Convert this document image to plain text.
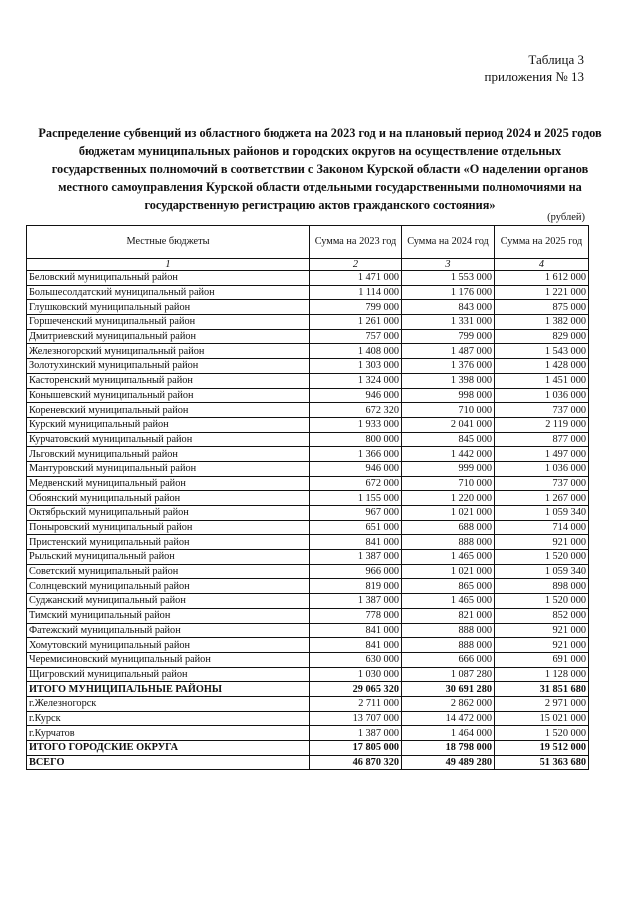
Таблица 3
приложения № 13
Распределение субвенций из областного бюджета на 2023 год и на плановый период 2024 и 2025 годов бюджетам муниципальных районов и городских округов на осуществление отдельных государственных полномочий в соответствии с Законом Курской области «О наделении органов местного самоуправления Курской области отдельными государственными полномочиями на государственную регистрацию актов гражданского состояния»
(рублей)
Местные бюджеты	Сумма на 2023 год	Сумма на 2024 год	Сумма на 2025 год
1	2	3	4
Беловский муниципальный район	1 471 000	1 553 000	1 612 000
Большесолдатский муниципальный район	1 114 000	1 176 000	1 221 000
Глушковский муниципальный район	799 000	843 000	875 000
Горшеченский муниципальный район	1 261 000	1 331 000	1 382 000
Дмитриевский муниципальный район	757 000	799 000	829 000
Железногорский муниципальный район	1 408 000	1 487 000	1 543 000
Золотухинский муниципальный район	1 303 000	1 376 000	1 428 000
Касторенский муниципальный район	1 324 000	1 398 000	1 451 000
Конышевский муниципальный район	946 000	998 000	1 036 000
Кореневский муниципальный район	672 320	710 000	737 000
Курский муниципальный район	1 933 000	2 041 000	2 119 000
Курчатовский муниципальный район	800 000	845 000	877 000
Льговский муниципальный район	1 366 000	1 442 000	1 497 000
Мантуровский муниципальный район	946 000	999 000	1 036 000
Медвенский муниципальный район	672 000	710 000	737 000
Обоянский муниципальный район	1 155 000	1 220 000	1 267 000
Октябрьский муниципальный район	967 000	1 021 000	1 059 340
Поныровский муниципальный район	651 000	688 000	714 000
Пристенский муниципальный район	841 000	888 000	921 000
Рыльский муниципальный район	1 387 000	1 465 000	1 520 000
Советский муниципальный район	966 000	1 021 000	1 059 340
Солнцевский муниципальный район	819 000	865 000	898 000
Суджанский муниципальный район	1 387 000	1 465 000	1 520 000
Тимский муниципальный район	778 000	821 000	852 000
Фатежский муниципальный район	841 000	888 000	921 000
Хомутовский муниципальный район	841 000	888 000	921 000
Черемисиновский муниципальный район	630 000	666 000	691 000
Щигровский муниципальный район	1 030 000	1 087 280	1 128 000
ИТОГО МУНИЦИПАЛЬНЫЕ РАЙОНЫ	29 065 320	30 691 280	31 851 680
г.Железногорск	2 711 000	2 862 000	2 971 000
г.Курск	13 707 000	14 472 000	15 021 000
г.Курчатов	1 387 000	1 464 000	1 520 000
ИТОГО ГОРОДСКИЕ ОКРУГА	17 805 000	18 798 000	19 512 000
ВСЕГО	46 870 320	49 489 280	51 363 680
